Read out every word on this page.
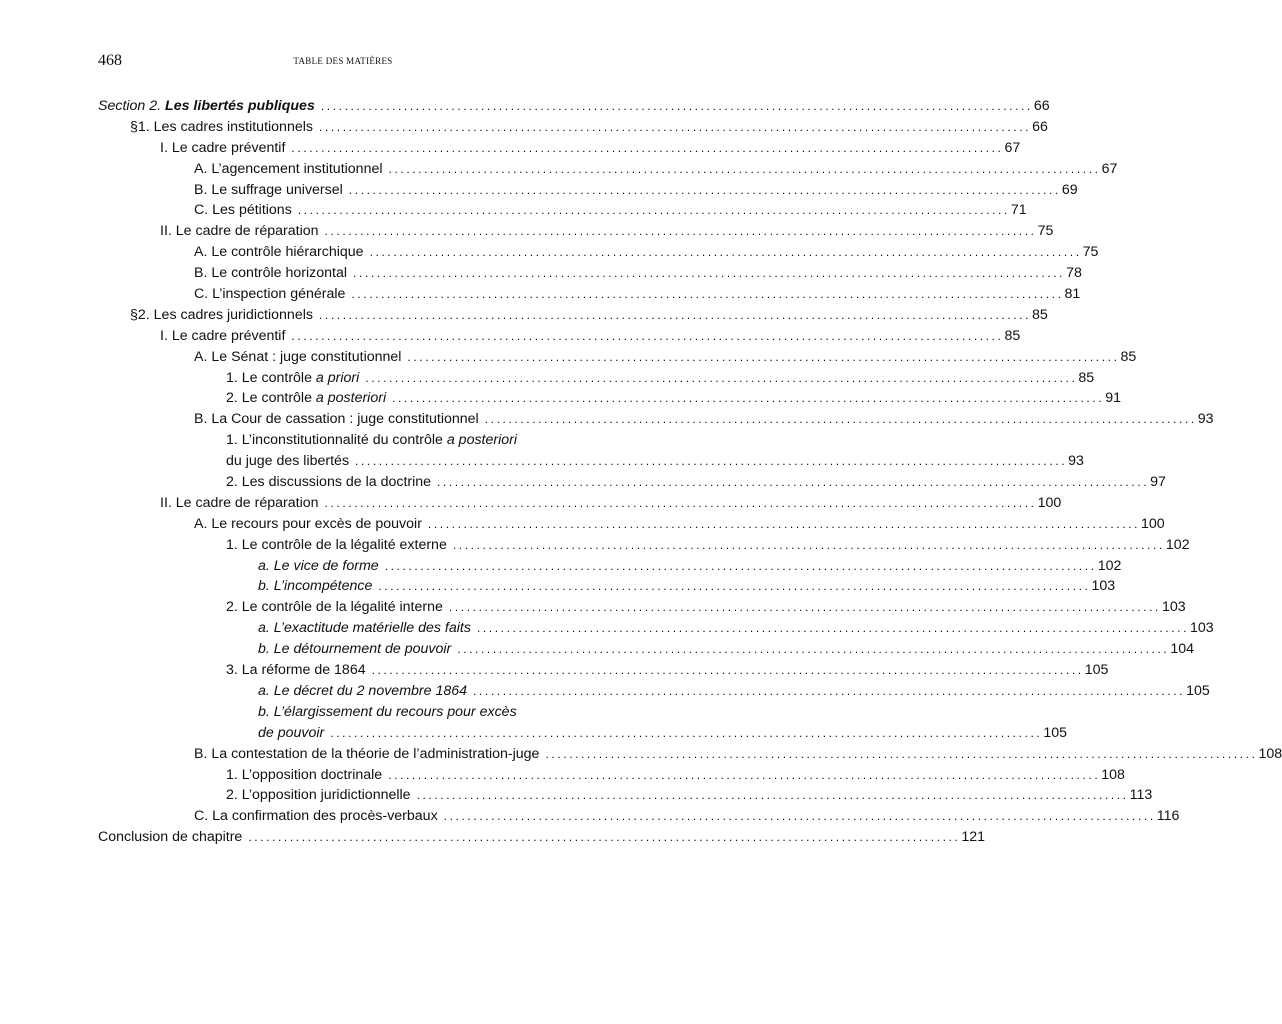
468	TABLE DES MATIÈRES
Section 2. Les libertés publiques ........................................................................................................................ 66
§1. Les cadres institutionnels ........................................................................................................................ 66
I. Le cadre préventif ........................................................................................................................ 67
A. L’agencement institutionnel ........................................................................................................................ 67
B. Le suffrage universel ........................................................................................................................ 69
C. Les pétitions ........................................................................................................................ 71
II. Le cadre de réparation ........................................................................................................................ 75
A. Le contrôle hiérarchique ........................................................................................................................ 75
B. Le contrôle horizontal ........................................................................................................................ 78
C. L’inspection générale ........................................................................................................................ 81
§2. Les cadres juridictionnels ........................................................................................................................ 85
I. Le cadre préventif ........................................................................................................................ 85
A. Le Sénat : juge constitutionnel ........................................................................................................................ 85
1. Le contrôle a priori ........................................................................................................................ 85
2. Le contrôle a posteriori ........................................................................................................................ 91
B. La Cour de cassation : juge constitutionnel ........................................................................................................................ 93
1. L’inconstitutionnalité du contrôle a posteriori
du juge des libertés ........................................................................................................................ 93
2. Les discussions de la doctrine ........................................................................................................................ 97
II. Le cadre de réparation ........................................................................................................................ 100
A. Le recours pour excès de pouvoir ........................................................................................................................ 100
1. Le contrôle de la légalité externe ........................................................................................................................ 102
a. Le vice de forme ........................................................................................................................ 102
b. L’incompétence ........................................................................................................................ 103
2. Le contrôle de la légalité interne ........................................................................................................................ 103
a. L’exactitude matérielle des faits ........................................................................................................................ 103
b. Le détournement de pouvoir ........................................................................................................................ 104
3. La réforme de 1864 ........................................................................................................................ 105
a. Le décret du 2 novembre 1864 ........................................................................................................................ 105
b. L’élargissement du recours pour excès
de pouvoir ........................................................................................................................ 105
B. La contestation de la théorie de l’administration-juge ........................................................................................................................ 108
1. L’opposition doctrinale ........................................................................................................................ 108
2. L’opposition juridictionnelle ........................................................................................................................ 113
C. La confirmation des procès-verbaux ........................................................................................................................ 116
Conclusion de chapitre ........................................................................................................................ 121
